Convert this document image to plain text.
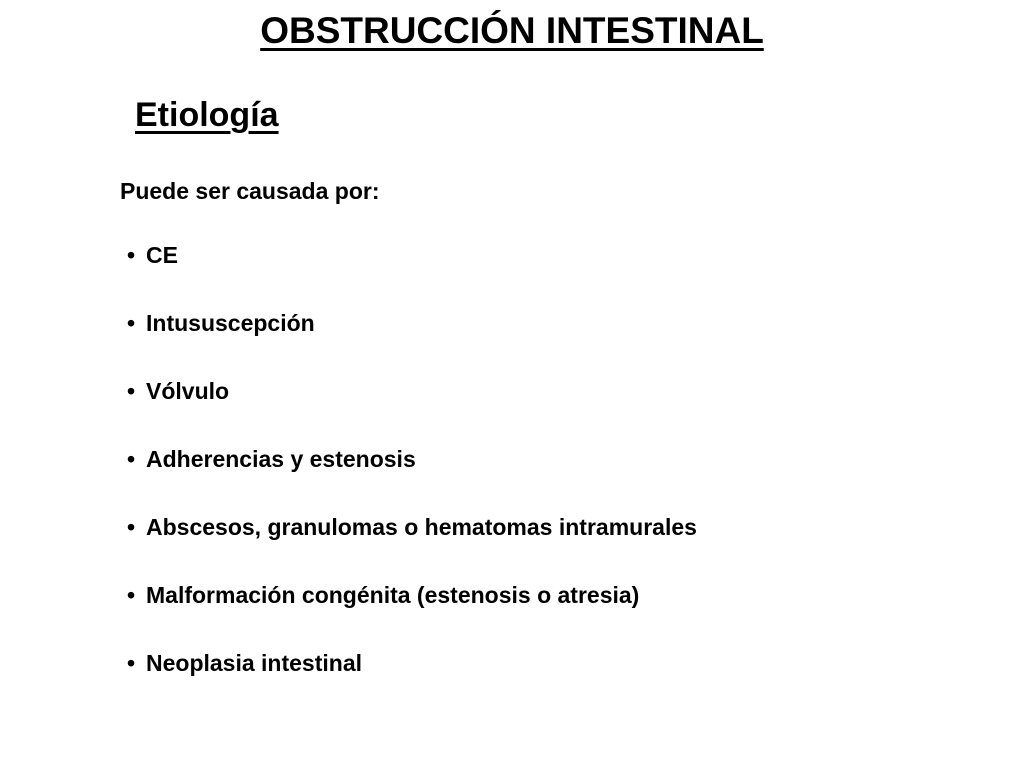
OBSTRUCCIÓN INTESTINAL
Etiología

Puede ser causada por:

• CE
• Intususcepción
• Vólvulo
• Adherencias y estenosis
• Abscesos, granulomas o hematomas intramurales
• Malformación congénita (estenosis o atresia)
• Neoplasia intestinal
